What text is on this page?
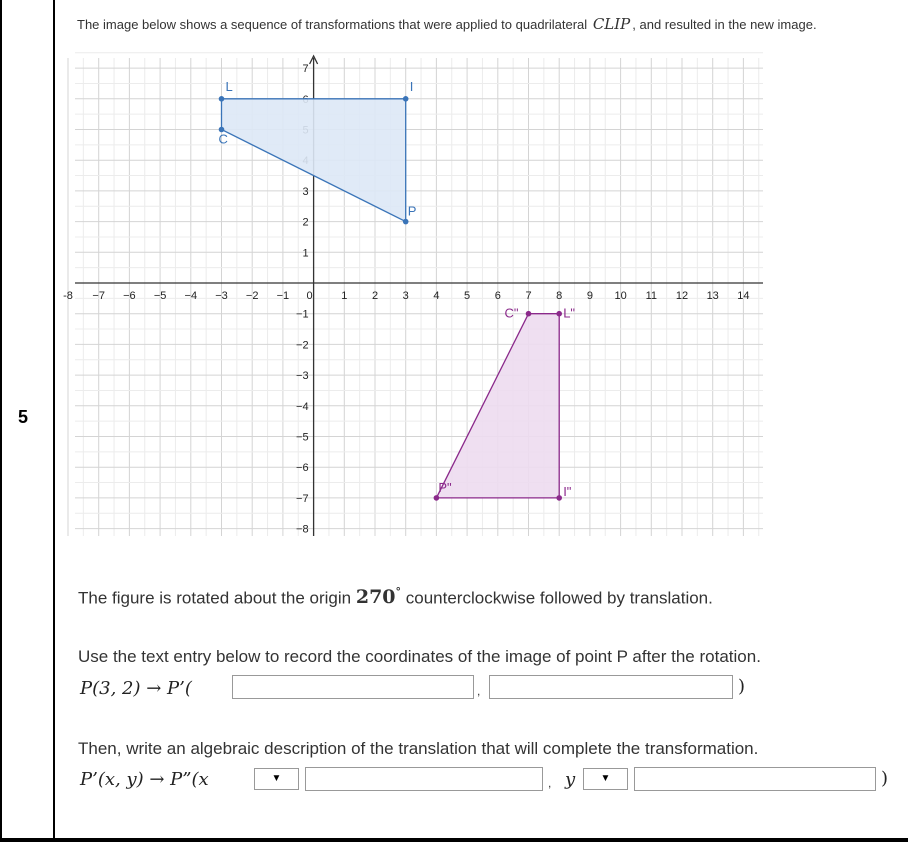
5
The image below shows a sequence of transformations that were applied to quadrilateral CLIP , and resulted in the new image.
-8 −7 −6 −5 −4 −3 −2 −1 0	1 2 3 4 5 6 7 8 9 10 11 12 13 14
7
3
2
1
−1
−2
−3
−4
−5
−6
−7
−8
C
L	I
P
C"	L"
I"
P"
The figure is rotated about the origin 270° counterclockwise followed by translation.
Use the text entry below to record the coordinates of the image of point P after the rotation.
P(3, 2) → P’(	,	)
Then, write an algebraic description of the translation that will complete the transformation.
P’(x, y) → P”(x	▼	, y	▼	)
